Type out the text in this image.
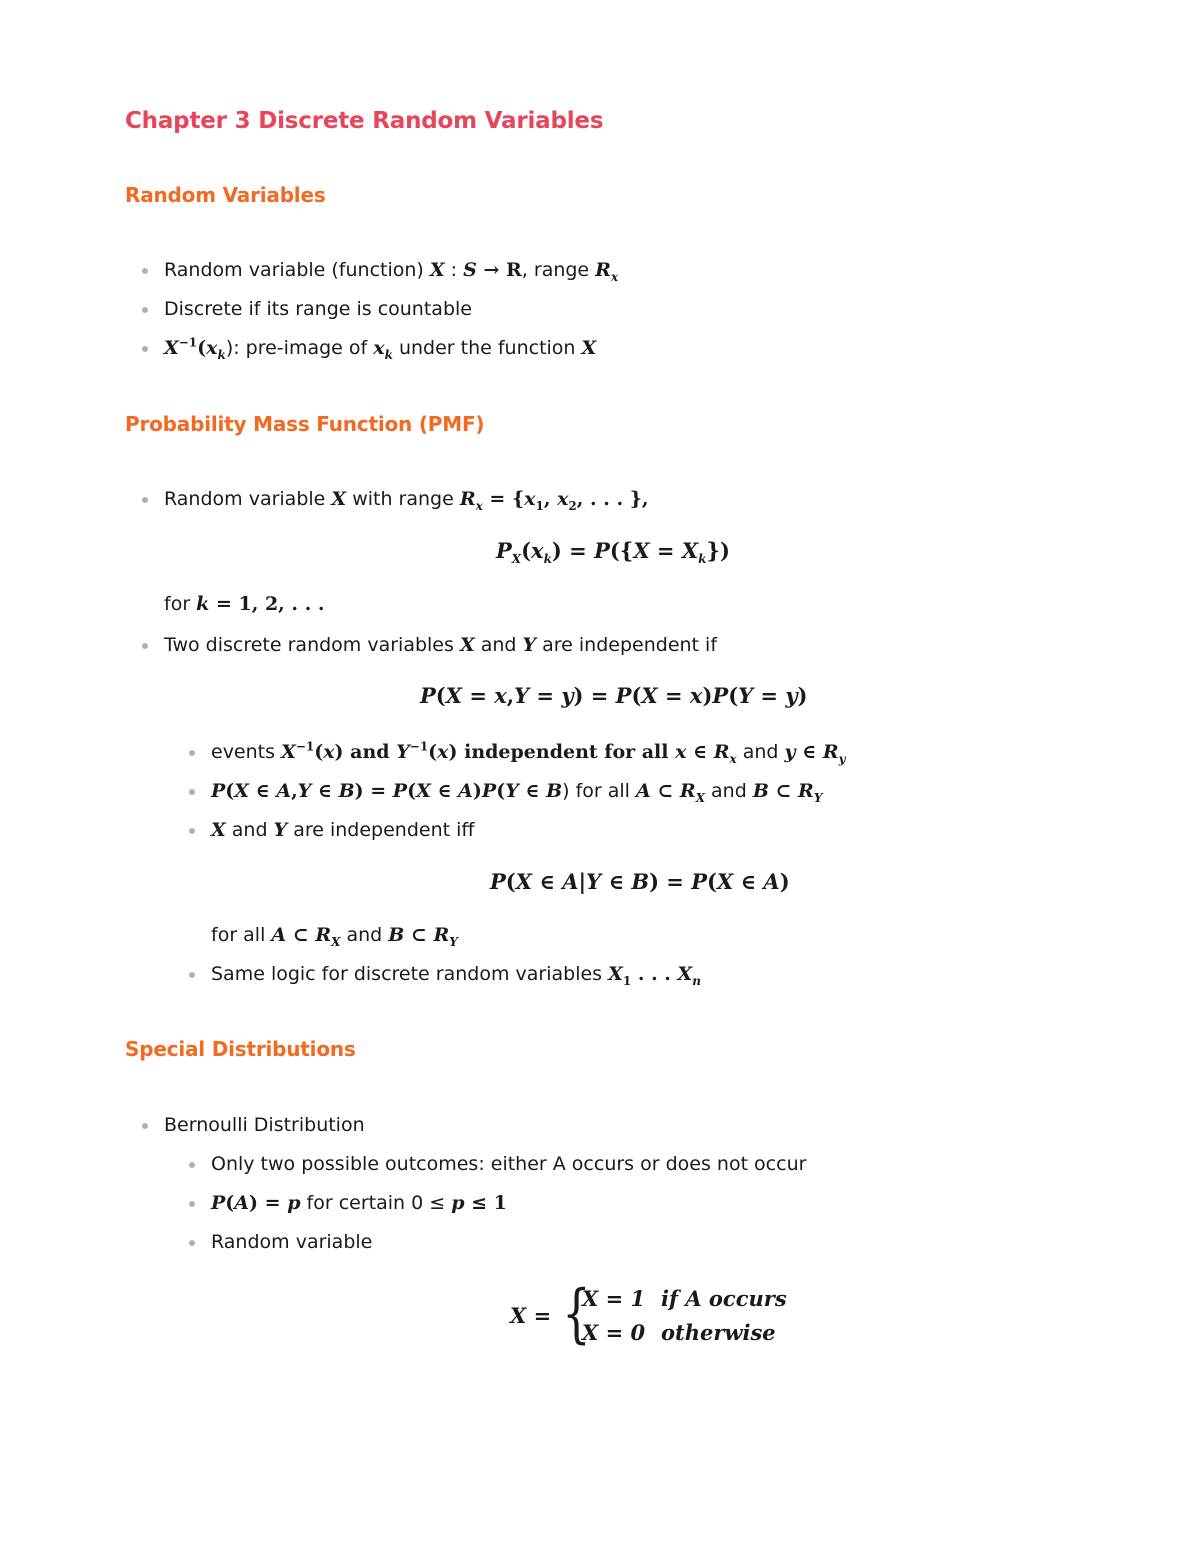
Chapter 3 Discrete Random Variables
Random Variables
Random variable (function) X : S → R, range $R_x$
Discrete if its range is countable
$X^{-1}(x_k)$: pre-image of $x_k$ under the function X
Probability Mass Function (PMF)
Random variable X with range $R_x = \{x_1$, $x_2$, . . . },
$P_X(x_k) = P(\{X = X_k\})$
for k = 1, 2, . . .
Two discrete random variables X and Y are independent if
P(X = x,Y = y) = P(X = x)P(Y = y)
events $X^{-1}(x)$ and $Y^{-1}(x)$ independent for all x ∈ $R_x$ and y ∈ $R_y$
P(X ∈ A,Y ∈ B) = P(X ∈ A)P(Y ∈ B) for all A ⊂ $R_X$ and B ⊂ $R_Y$
X and Y are independent iff
P(X ∈ A|Y ∈ B) = P(X ∈ A)
for all A ⊂ $R_X$ and B ⊂ $R_Y$
Same logic for discrete random variables $X_1$ . . . $X_n$
Special Distributions
Bernoulli Distribution
Only two possible outcomes: either A occurs or does not occur
P(A) = p for certain 0 ≤ p ≤ 1
Random variable
X = {
X = 1 if A occurs
X = 0 otherwise
